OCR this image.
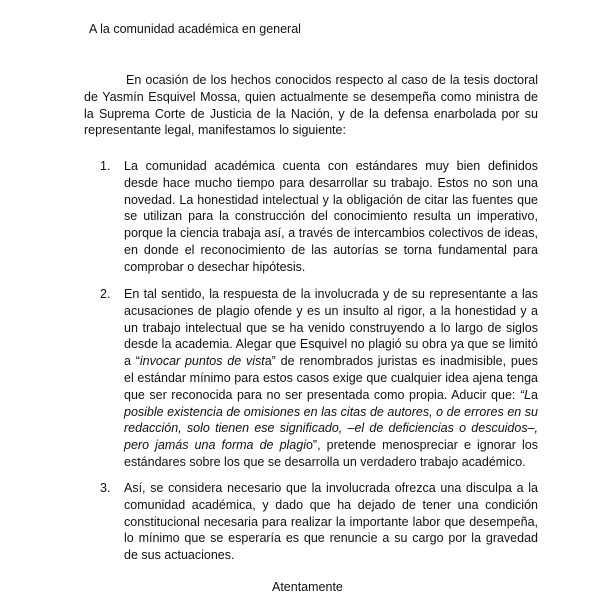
A la comunidad académica en general
En ocasión de los hechos conocidos respecto al caso de la tesis doctoral
de Yasmín Esquivel Mossa, quien actualmente se desempeña como ministra de
la Suprema Corte de Justicia de la Nación, y de la defensa enarbolada por su
representante legal, manifestamos lo siguiente:
1.	La comunidad académica cuenta con estándares muy bien definidos
desde hace mucho tiempo para desarrollar su trabajo. Estos no son una
novedad. La honestidad intelectual y la obligación de citar las fuentes que
se utilizan para la construcción del conocimiento resulta un imperativo,
porque la ciencia trabaja así, a través de intercambios colectivos de ideas,
en donde el reconocimiento de las autorías se torna fundamental para
comprobar o desechar hipótesis.
2.	En tal sentido, la respuesta de la involucrada y de su representante a las
acusaciones de plagio ofende y es un insulto al rigor, a la honestidad y a
un trabajo intelectual que se ha venido construyendo a lo largo de siglos
desde la academia. Alegar que Esquivel no plagió su obra ya que se limitó
a “invocar puntos de vista” de renombrados juristas es inadmisible, pues
el estándar mínimo para estos casos exige que cualquier idea ajena tenga
que ser reconocida para no ser presentada como propia. Aducir que: “La
posible existencia de omisiones en las citas de autores, o de errores en su
redacción, solo tienen ese significado, –el de deficiencias o descuidos–,
pero jamás una forma de plagio”, pretende menospreciar e ignorar los
estándares sobre los que se desarrolla un verdadero trabajo académico.
3.	Así, se considera necesario que la involucrada ofrezca una disculpa a la
comunidad académica, y dado que ha dejado de tener una condición
constitucional necesaria para realizar la importante labor que desempeña,
lo mínimo que se esperaría es que renuncie a su cargo por la gravedad
de sus actuaciones.
Atentamente
